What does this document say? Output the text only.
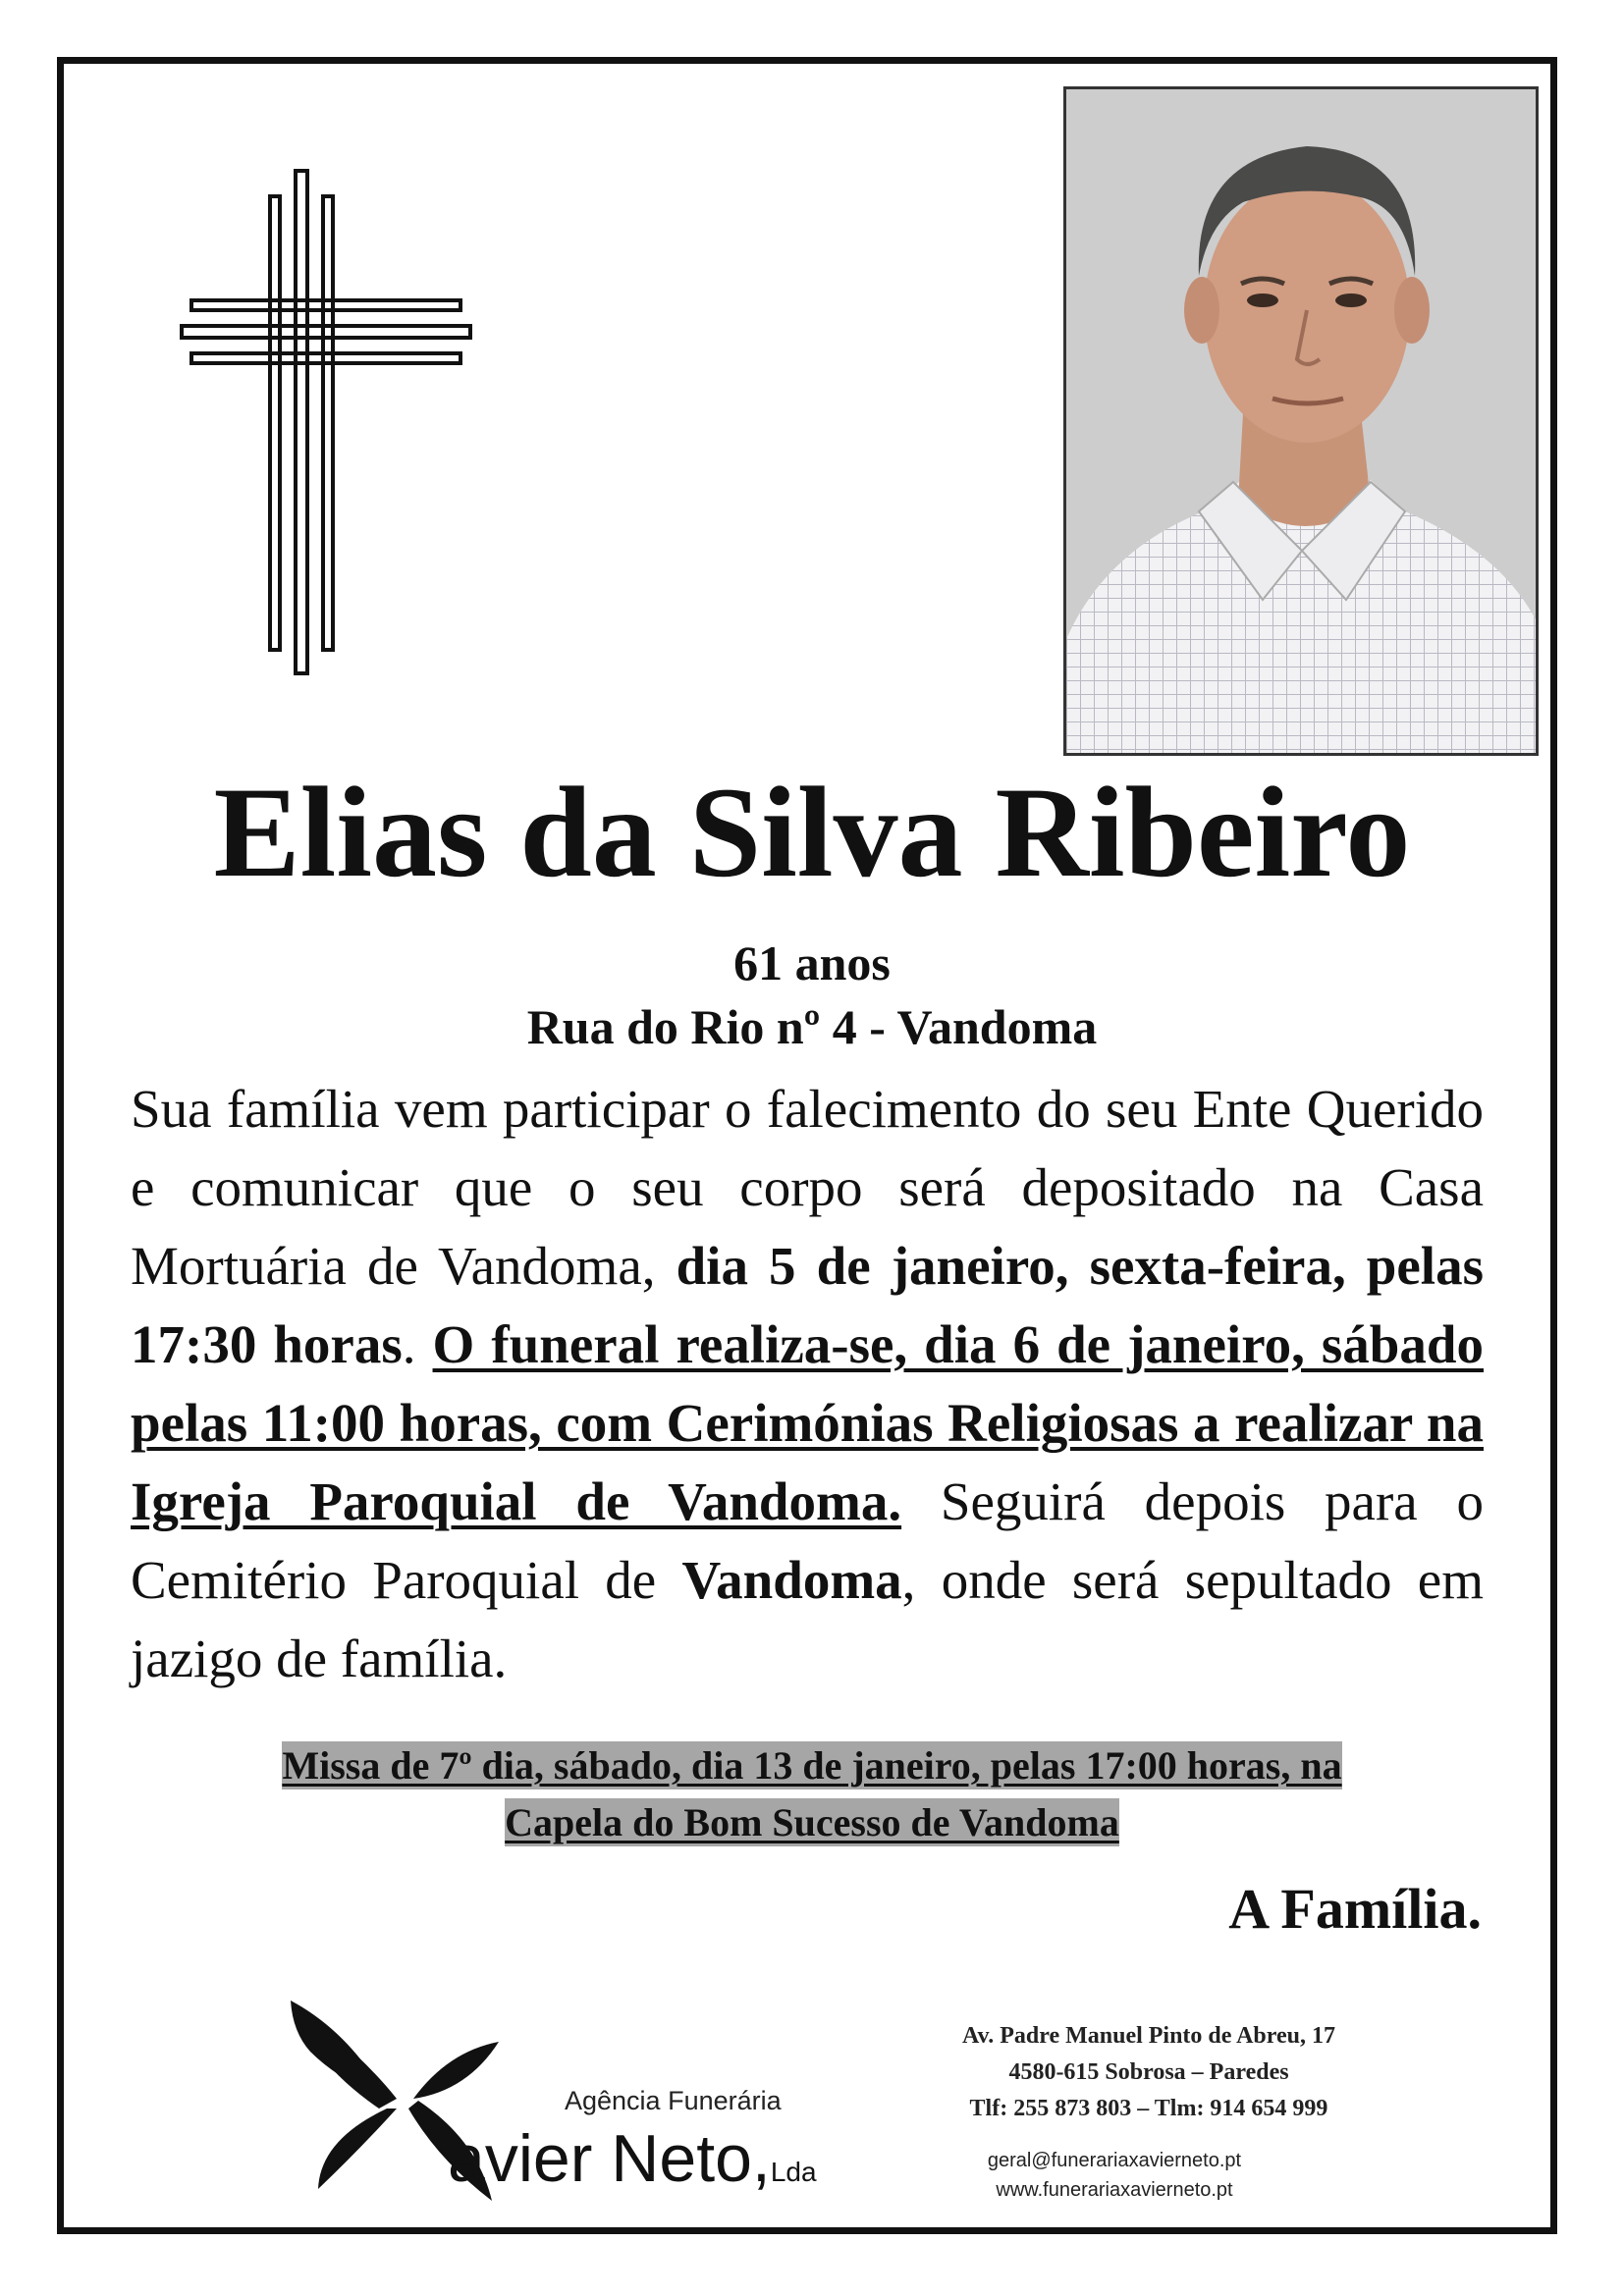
Elias da Silva Ribeiro
61 anos
Rua do Rio nº 4 - Vandoma
Sua família vem participar o falecimento do seu Ente Querido e comunicar que o seu corpo será depositado na Casa Mortuária de Vandoma, dia 5 de janeiro, sexta-feira, pelas 17:30 horas. O funeral realiza-se, dia 6 de janeiro, sábado pelas 11:00 horas, com Cerimónias Religiosas a realizar na Igreja Paroquial de Vandoma. Seguirá depois para o Cemitério Paroquial de Vandoma, onde será sepultado em jazigo de família.
Missa de 7º dia, sábado, dia 13 de janeiro, pelas 17:00 horas, na
Capela do Bom Sucesso de Vandoma
A Família.
Agência Funerária
avier Neto,Lda
Av. Padre Manuel Pinto de Abreu, 17
4580-615 Sobrosa – Paredes
Tlf: 255 873 803 – Tlm: 914 654 999
geral@funerariaxavierneto.pt
www.funerariaxavierneto.pt
